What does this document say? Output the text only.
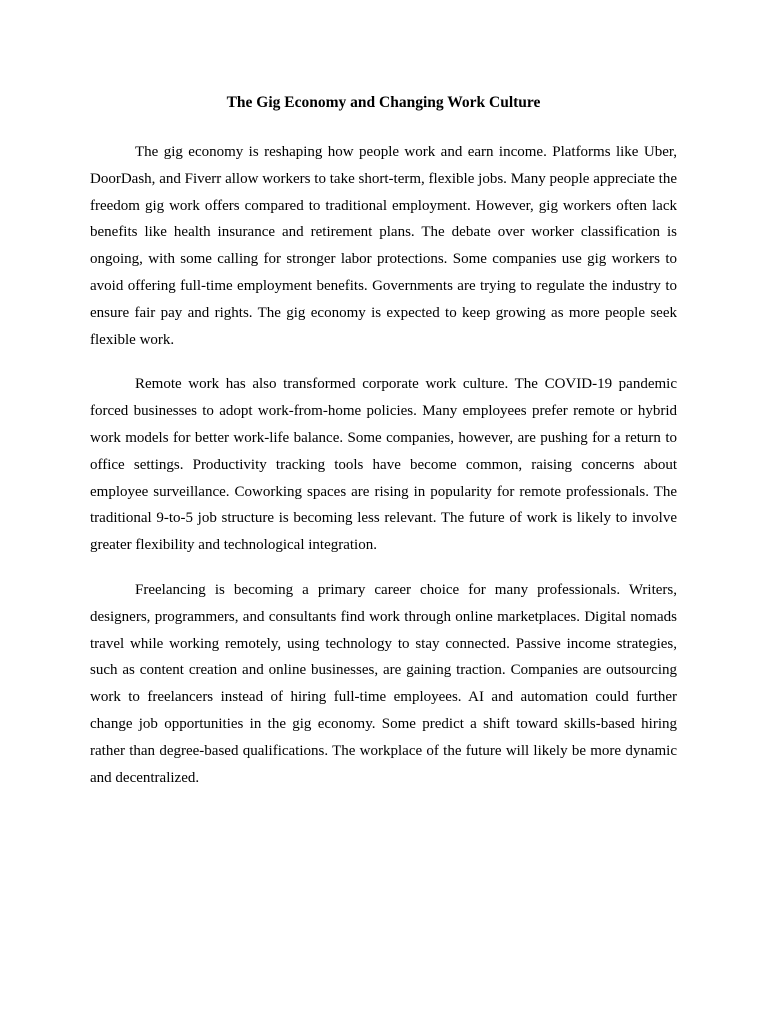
The Gig Economy and Changing Work Culture

The gig economy is reshaping how people work and earn income. Platforms like Uber, DoorDash, and Fiverr allow workers to take short-term, flexible jobs. Many people appreciate the freedom gig work offers compared to traditional employment. However, gig workers often lack benefits like health insurance and retirement plans. The debate over worker classification is ongoing, with some calling for stronger labor protections. Some companies use gig workers to avoid offering full-time employment benefits. Governments are trying to regulate the industry to ensure fair pay and rights. The gig economy is expected to keep growing as more people seek flexible work.

Remote work has also transformed corporate work culture. The COVID-19 pandemic forced businesses to adopt work-from-home policies. Many employees prefer remote or hybrid work models for better work-life balance. Some companies, however, are pushing for a return to office settings. Productivity tracking tools have become common, raising concerns about employee surveillance. Coworking spaces are rising in popularity for remote professionals. The traditional 9-to-5 job structure is becoming less relevant. The future of work is likely to involve greater flexibility and technological integration.

Freelancing is becoming a primary career choice for many professionals. Writers, designers, programmers, and consultants find work through online marketplaces. Digital nomads travel while working remotely, using technology to stay connected. Passive income strategies, such as content creation and online businesses, are gaining traction. Companies are outsourcing work to freelancers instead of hiring full-time employees. AI and automation could further change job opportunities in the gig economy. Some predict a shift toward skills-based hiring rather than degree-based qualifications. The workplace of the future will likely be more dynamic and decentralized.
